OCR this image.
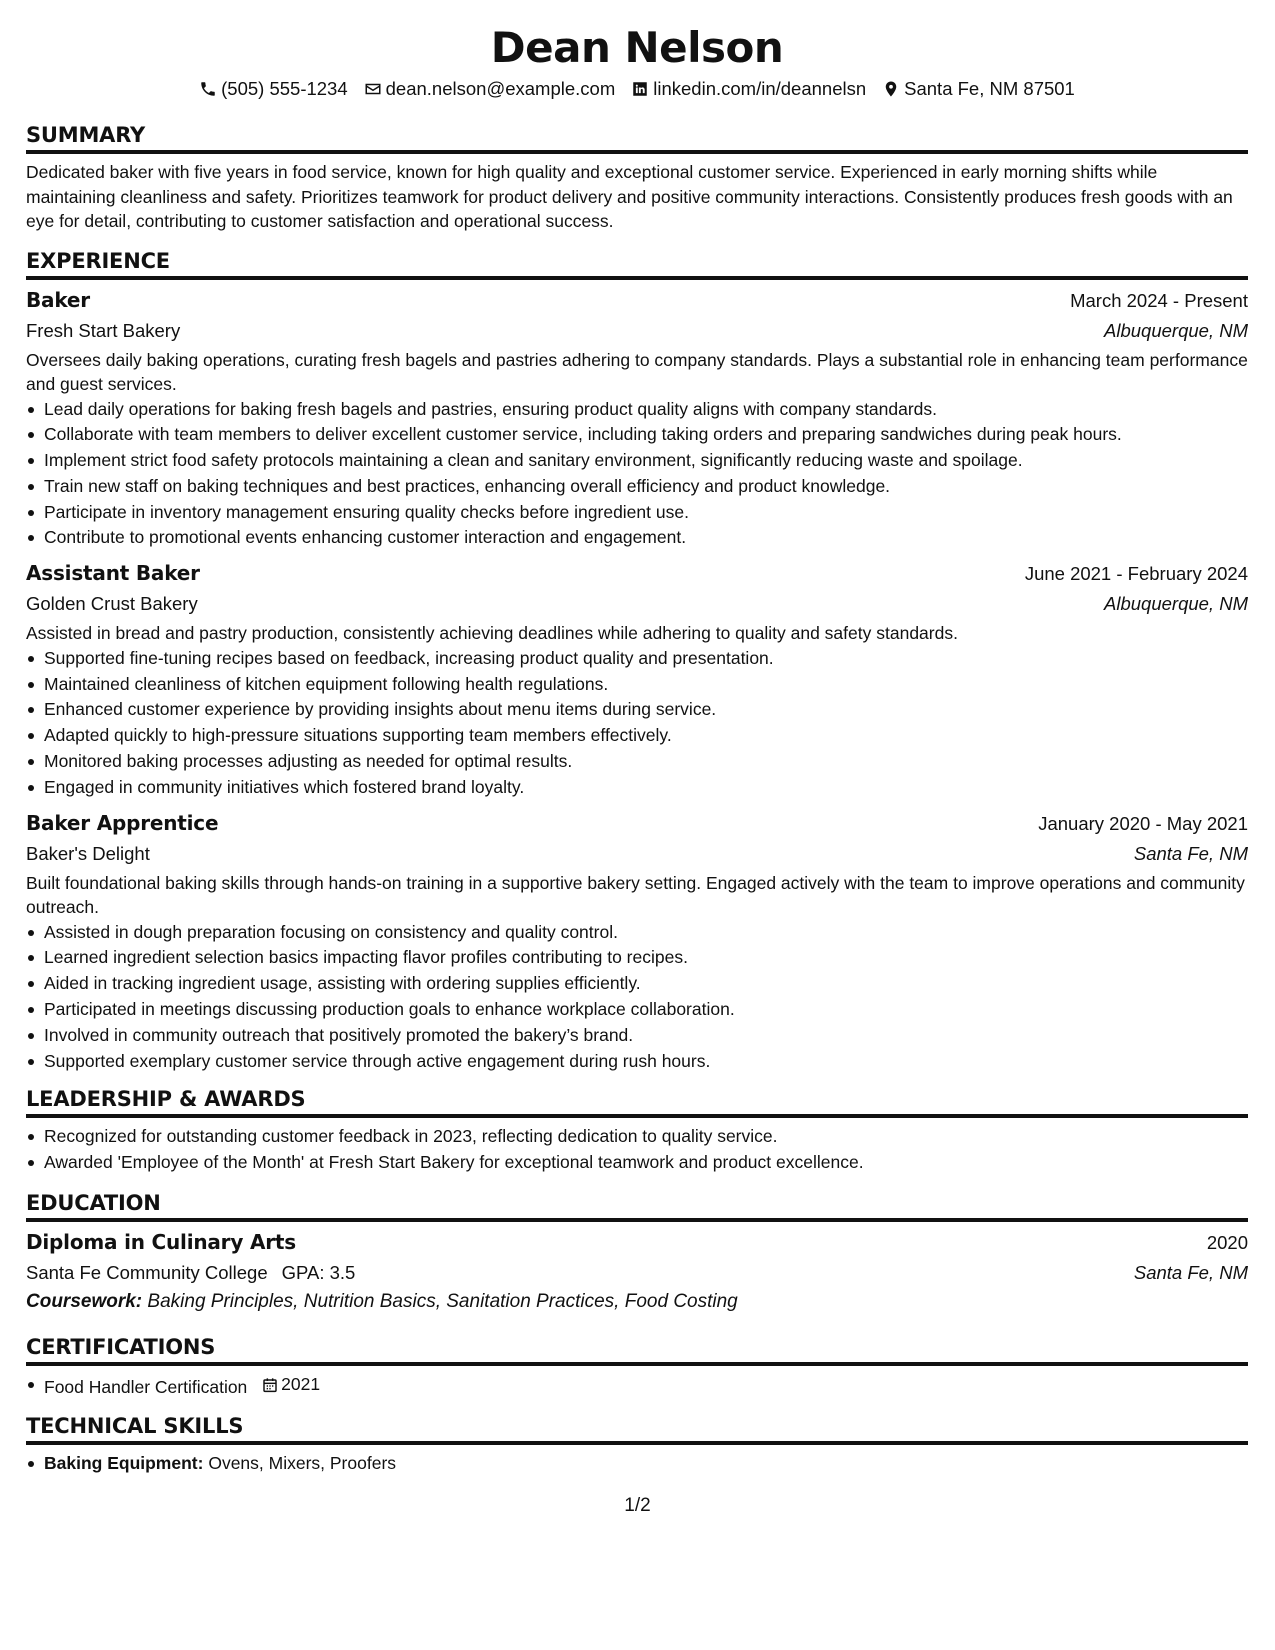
Dean Nelson
(505) 555-1234 dean.nelson@example.com linkedin.com/in/deannelsn Santa Fe, NM 87501
SUMMARY

Dedicated baker with five years in food service, known for high quality and exceptional customer service. Experienced in early morning shifts while maintaining cleanliness and safety. Prioritizes teamwork for product delivery and positive community interactions. Consistently produces fresh goods with an eye for detail, contributing to customer satisfaction and operational success.

EXPERIENCE
Baker	March 2024 - Present
Fresh Start Bakery	Albuquerque, NM

Oversees daily baking operations, curating fresh bagels and pastries adhering to company standards. Plays a substantial role in enhancing team performance and guest services.

Lead daily operations for baking fresh bagels and pastries, ensuring product quality aligns with company standards.
Collaborate with team members to deliver excellent customer service, including taking orders and preparing sandwiches during peak hours.
Implement strict food safety protocols maintaining a clean and sanitary environment, significantly reducing waste and spoilage.
Train new staff on baking techniques and best practices, enhancing overall efficiency and product knowledge.
Participate in inventory management ensuring quality checks before ingredient use.
Contribute to promotional events enhancing customer interaction and engagement.
Assistant Baker	June 2021 - February 2024
Golden Crust Bakery	Albuquerque, NM

Assisted in bread and pastry production, consistently achieving deadlines while adhering to quality and safety standards.

Supported fine-tuning recipes based on feedback, increasing product quality and presentation.
Maintained cleanliness of kitchen equipment following health regulations.
Enhanced customer experience by providing insights about menu items during service.
Adapted quickly to high-pressure situations supporting team members effectively.
Monitored baking processes adjusting as needed for optimal results.
Engaged in community initiatives which fostered brand loyalty.
Baker Apprentice	January 2020 - May 2021
Baker's Delight	Santa Fe, NM

Built foundational baking skills through hands-on training in a supportive bakery setting. Engaged actively with the team to improve operations and community outreach.

Assisted in dough preparation focusing on consistency and quality control.
Learned ingredient selection basics impacting flavor profiles contributing to recipes.
Aided in tracking ingredient usage, assisting with ordering supplies efficiently.
Participated in meetings discussing production goals to enhance workplace collaboration.
Involved in community outreach that positively promoted the bakery’s brand.
Supported exemplary customer service through active engagement during rush hours.
LEADERSHIP & AWARDS
Recognized for outstanding customer feedback in 2023, reflecting dedication to quality service.
Awarded 'Employee of the Month' at Fresh Start Bakery for exceptional teamwork and product excellence.
EDUCATION
Diploma in Culinary Arts	2020
Santa Fe Community College GPA: 3.5	Santa Fe, NM
Coursework: Baking Principles, Nutrition Basics, Sanitation Practices, Food Costing
CERTIFICATIONS
Food Handler Certification 2021
TECHNICAL SKILLS
Baking Equipment: Ovens, Mixers, Proofers
1/2
